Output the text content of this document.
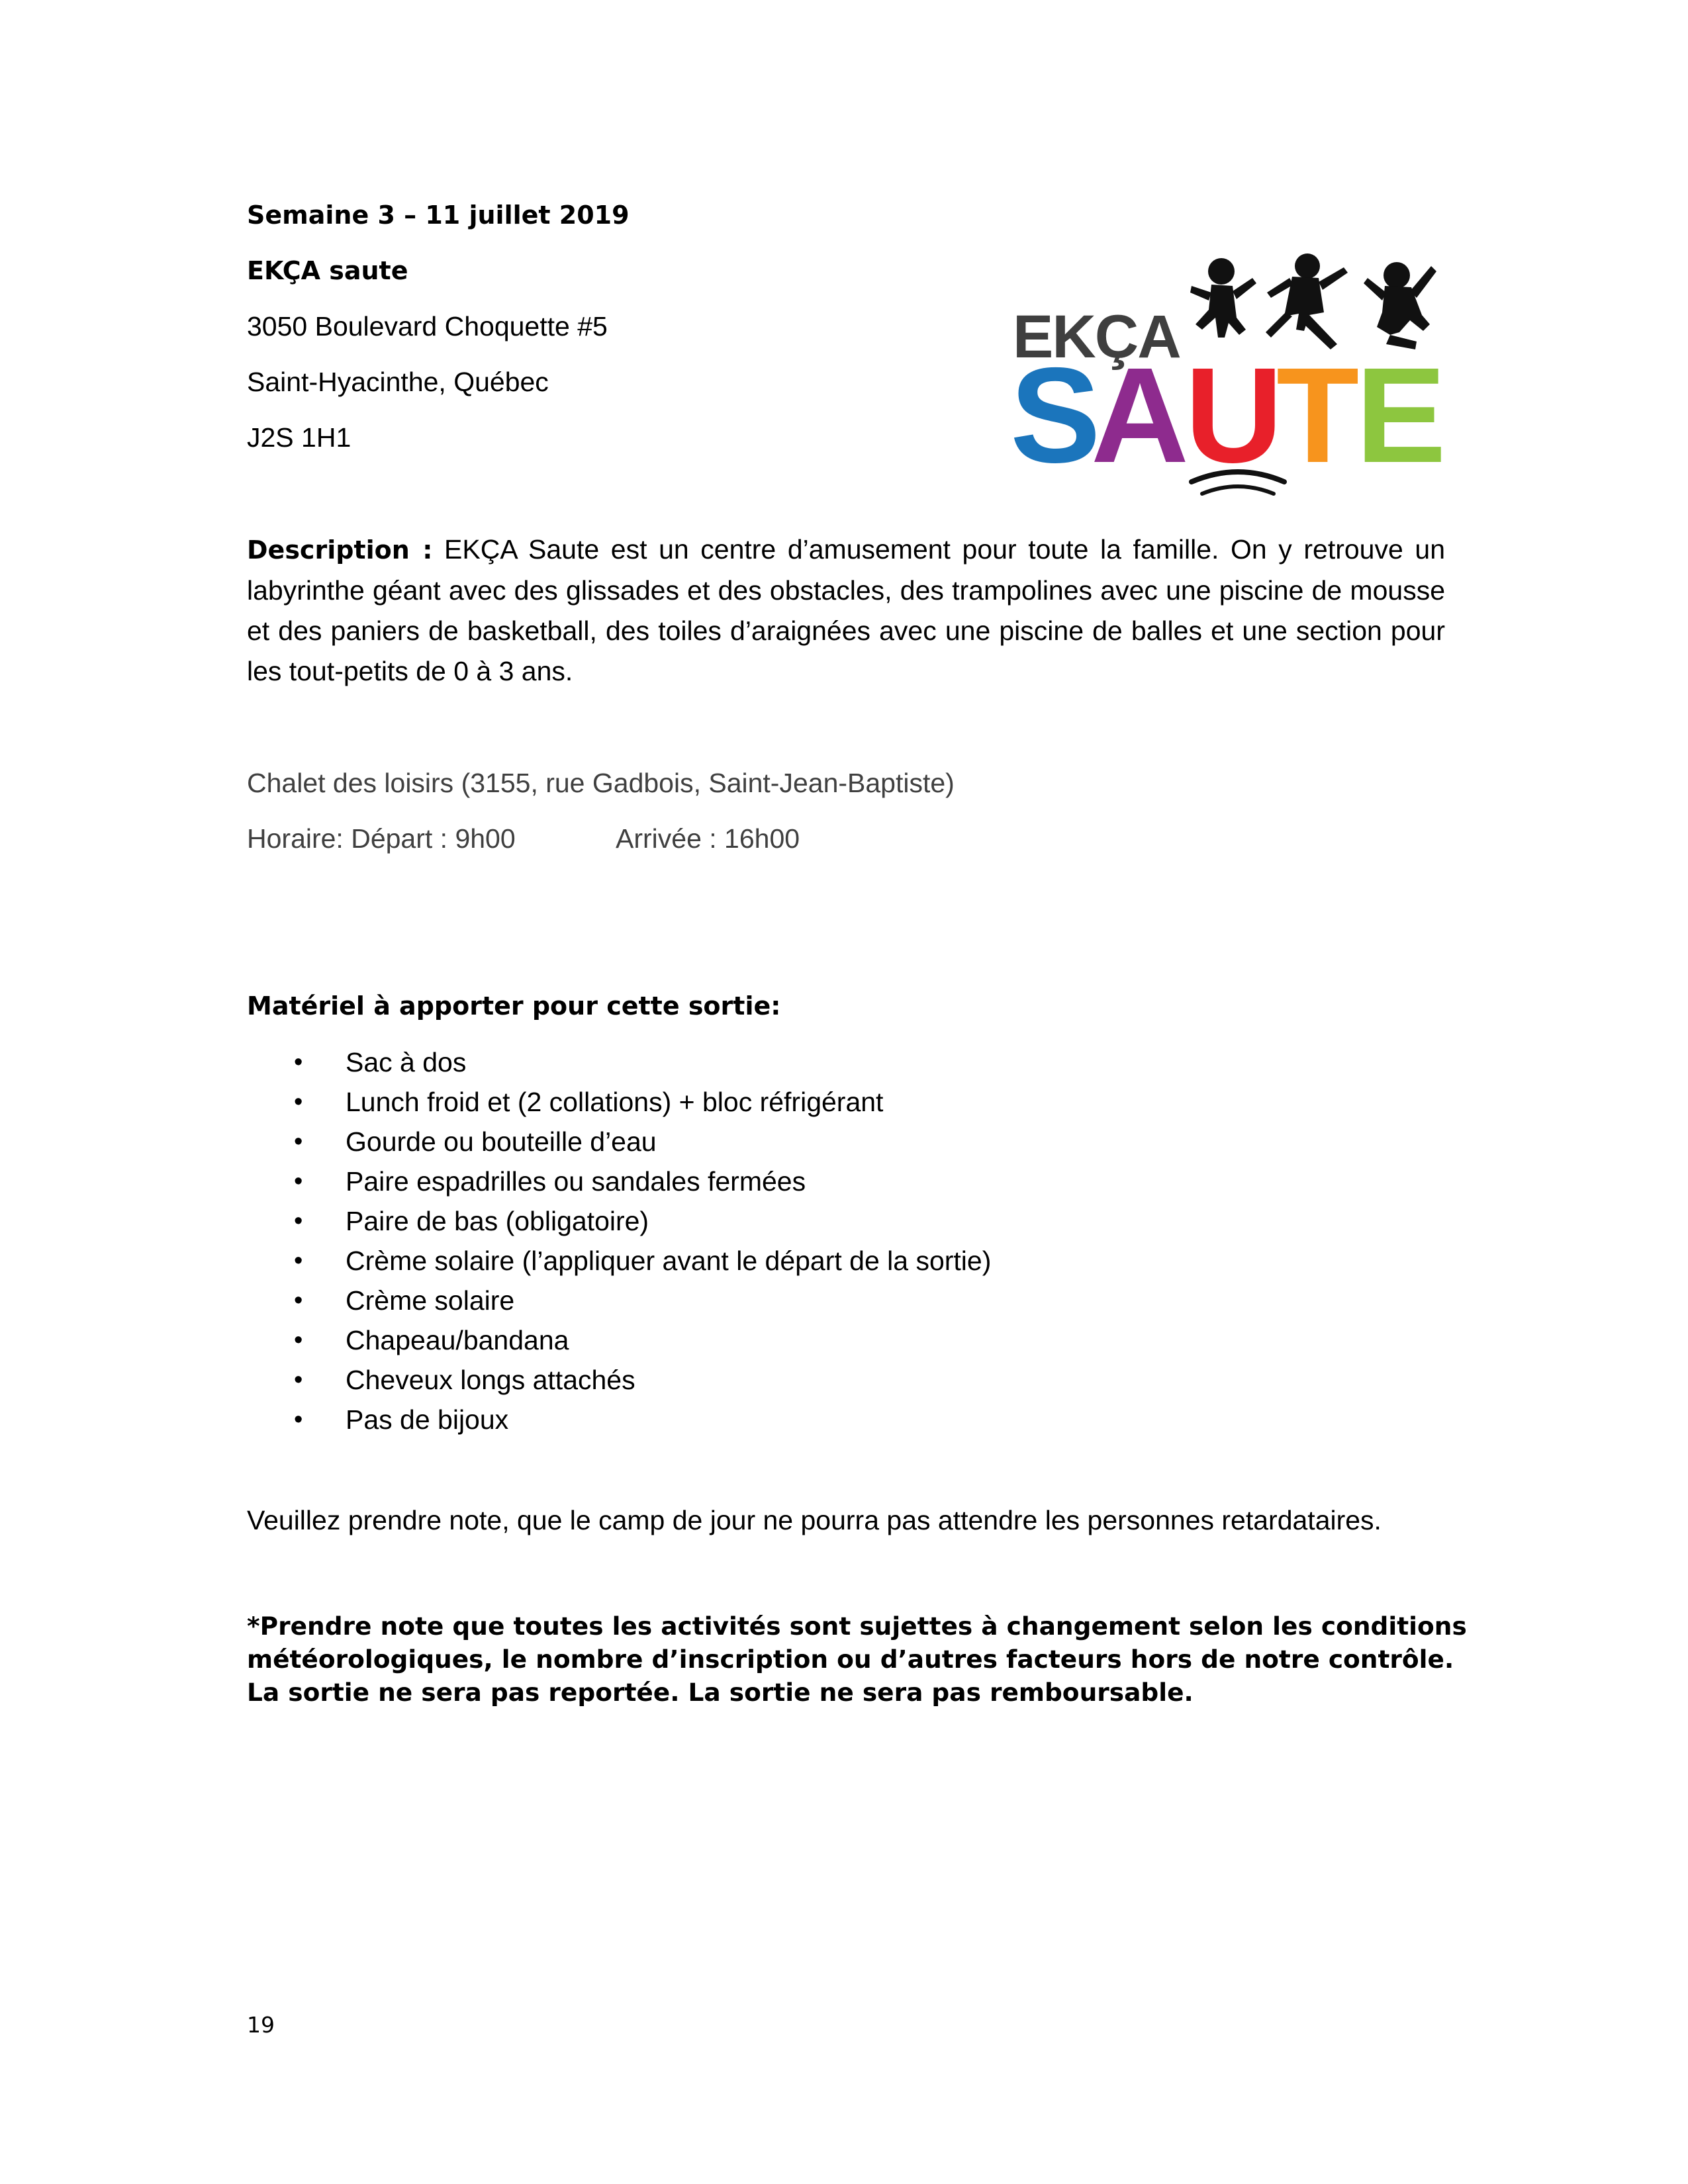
Semaine 3 – 11 juillet 2019
EKÇA saute
3050 Boulevard Choquette #5
Saint-Hyacinthe, Québec
J2S 1H1
EKÇA
S
A
U
T
E
Description : EKÇA Saute est un centre d’amusement pour toute la famille. On y retrouve un
labyrinthe géant avec des glissades et des obstacles, des trampolines avec une piscine de mousse
et des paniers de basketball, des toiles d’araignées avec une piscine de balles et une section pour
les tout-petits de 0 à 3 ans.
Chalet des loisirs (3155, rue Gadbois, Saint-Jean-Baptiste)
Horaire: Départ : 9h00	Arrivée : 16h00
Matériel à apporter pour cette sortie:
• Sac à dos
• Lunch froid et (2 collations) + bloc réfrigérant
• Gourde ou bouteille d’eau
• Paire espadrilles ou sandales fermées
• Paire de bas (obligatoire)
• Crème solaire (l’appliquer avant le départ de la sortie)
• Crème solaire
• Chapeau/bandana
• Cheveux longs attachés
• Pas de bijoux
Veuillez prendre note, que le camp de jour ne pourra pas attendre les personnes retardataires.
*Prendre note que toutes les activités sont sujettes à changement selon les conditions
météorologiques, le nombre d’inscription ou d’autres facteurs hors de notre contrôle.
La sortie ne sera pas reportée. La sortie ne sera pas remboursable.
19
